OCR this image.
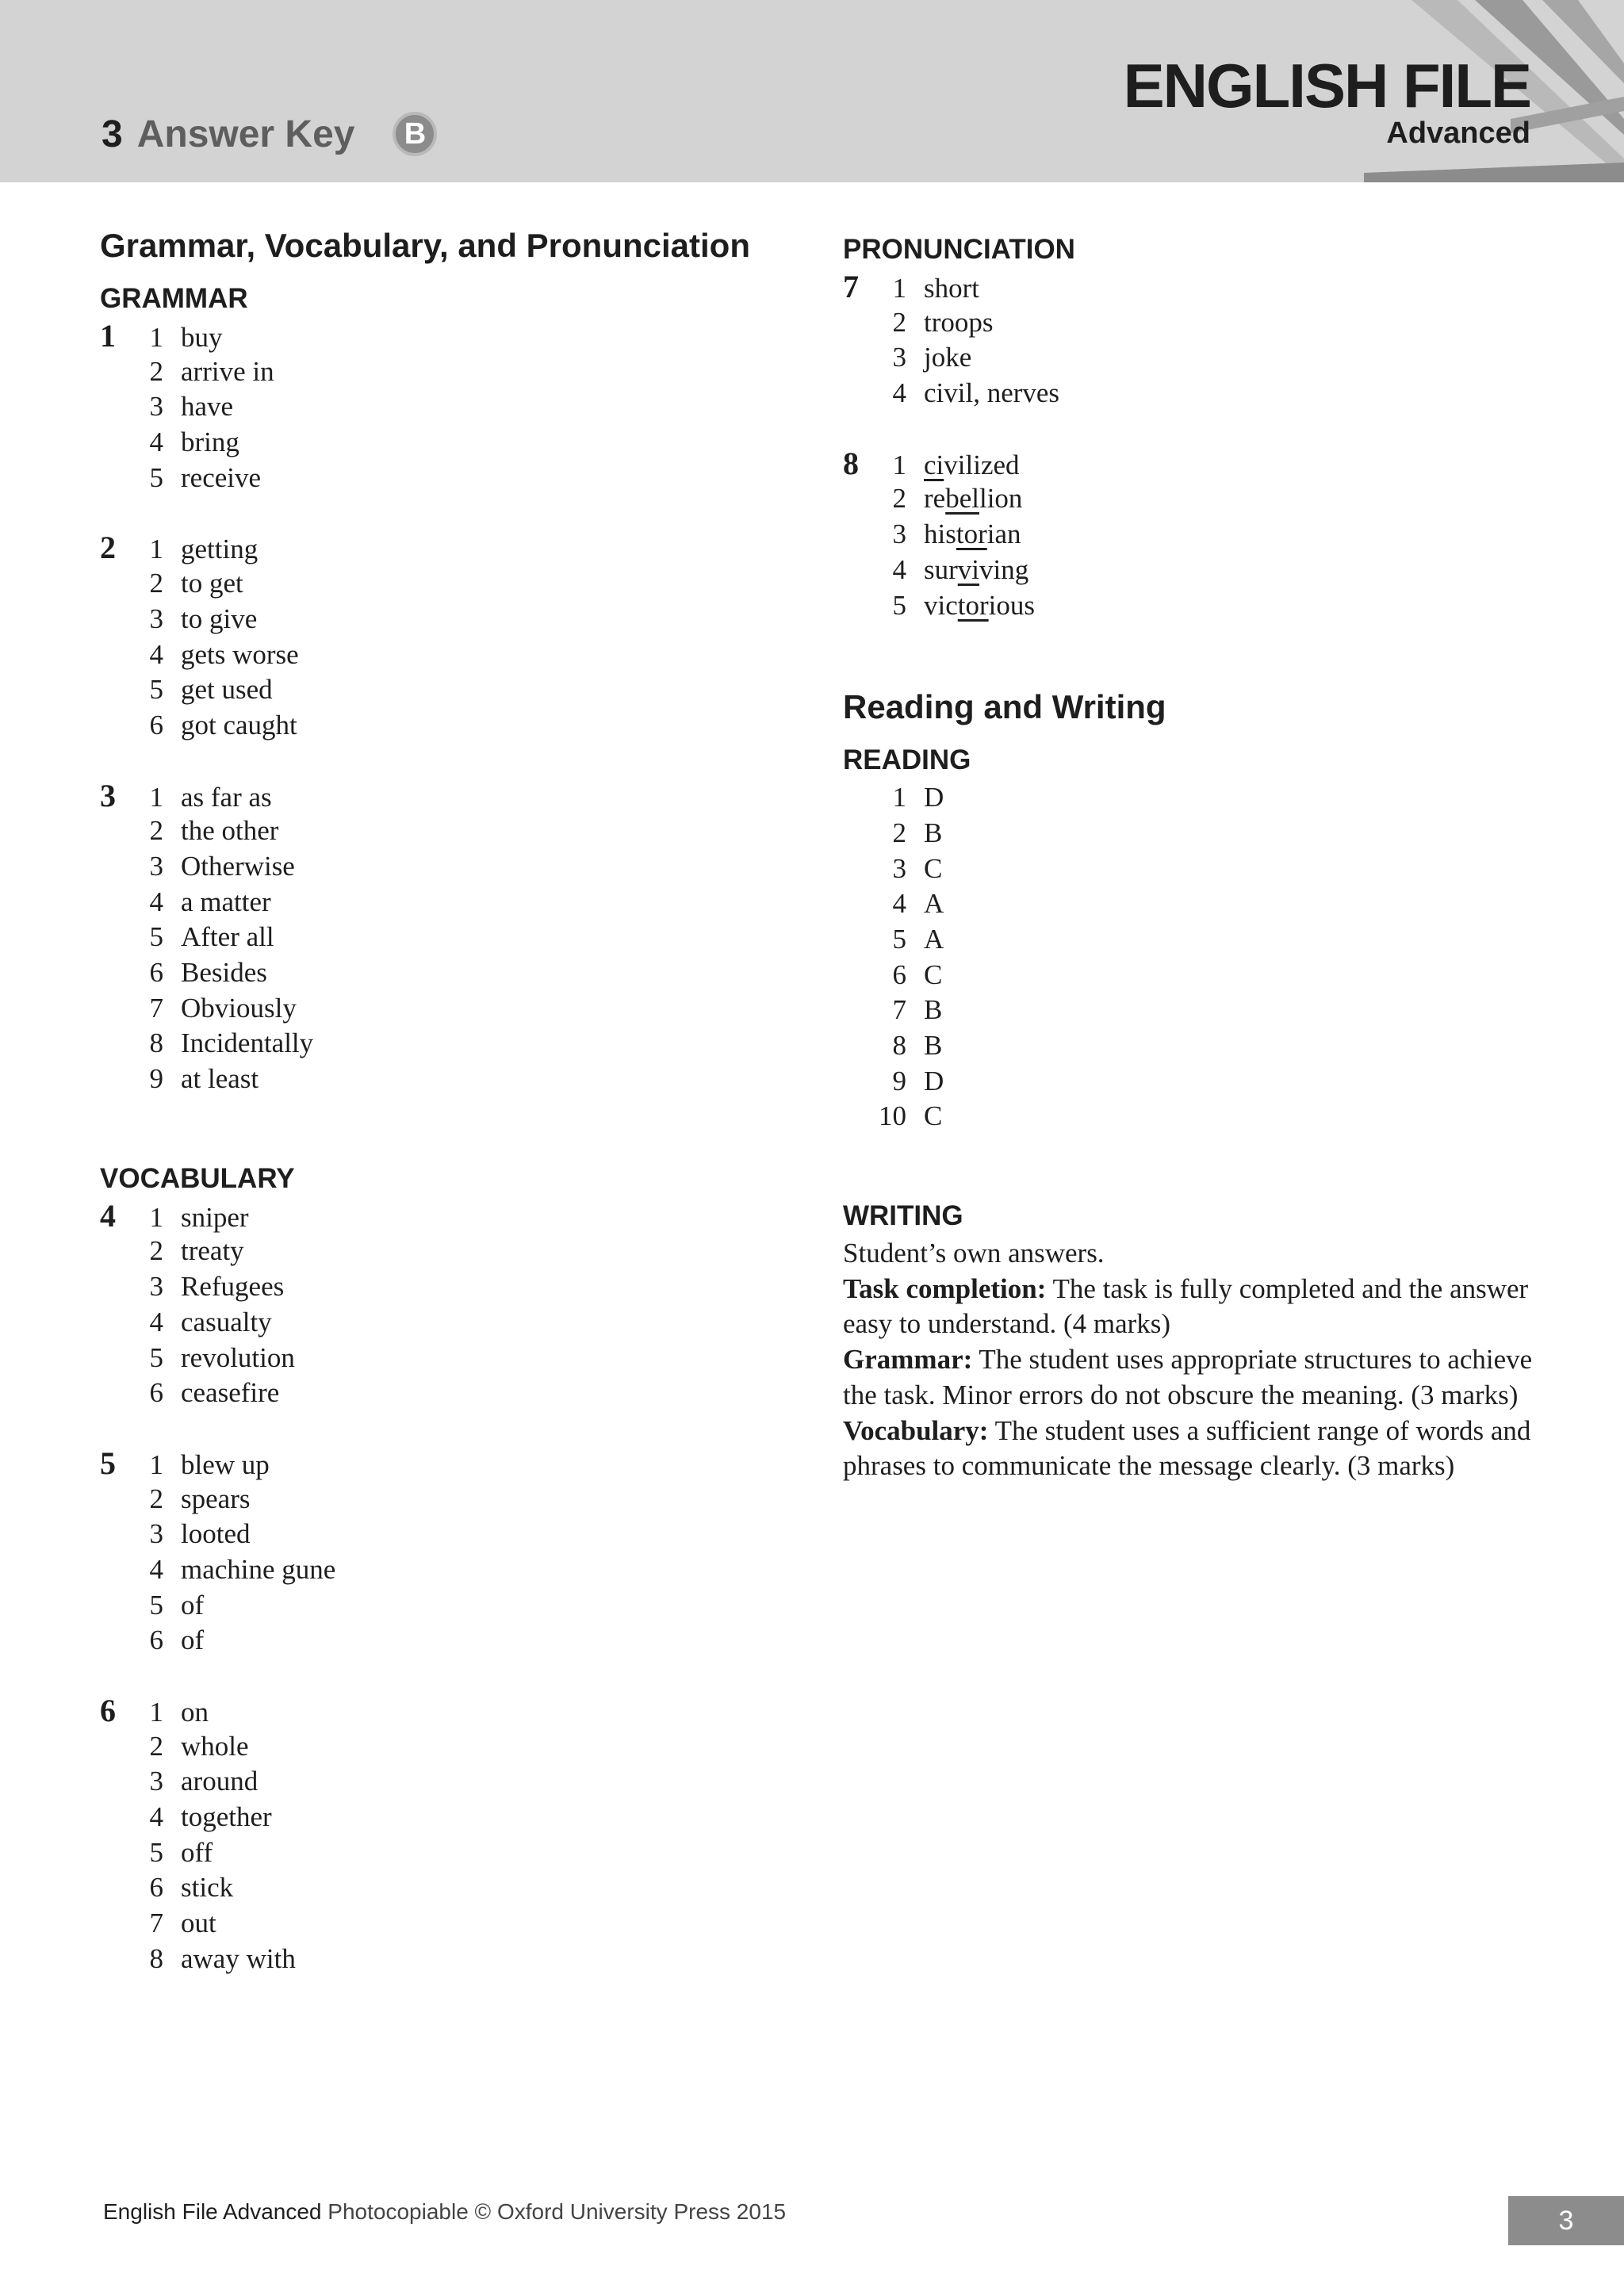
3 Answer Key	B
ENGLISH FILE
Advanced
Grammar, Vocabulary, and Pronunciation
GRAMMAR
1	1 buy
2 arrive in
3 have
4 bring
5 receive
2	1 getting
2 to get
3 to give
4 gets worse
5 get used
6 got caught
3	1 as far as
2 the other
3 Otherwise
4 a matter
5 After all
6 Besides
7 Obviously
8 Incidentally
9 at least
VOCABULARY
4	1 sniper
2 treaty
3 Refugees
4 casualty
5 revolution
6 ceasefire
5	1 blew up
2 spears
3 looted
4 machine gune
5 of
6 of
6	1 on
2 whole
3 around
4 together
5 off
6 stick
7 out
8 away with
PRONUNCIATION
7	1 short
2 troops
3 joke
4 civil, nerves
8	1 civilized
2 rebellion
3 historian
4 surviving
5 victorious
Reading and Writing
READING
1 D
2 B
3 C
4 A
5 A
6 C
7 B
8 B
9 D
10 C
WRITING

Student’s own answers.

Task completion: The task is fully completed and the answer easy to understand. (4 marks)

Grammar: The student uses appropriate structures to achieve the task. Minor errors do not obscure the meaning. (3 marks)

Vocabulary: The student uses a sufficient range of words and phrases to communicate the message clearly. (3 marks)

English File Advanced Photocopiable © Oxford University Press 2015	3
